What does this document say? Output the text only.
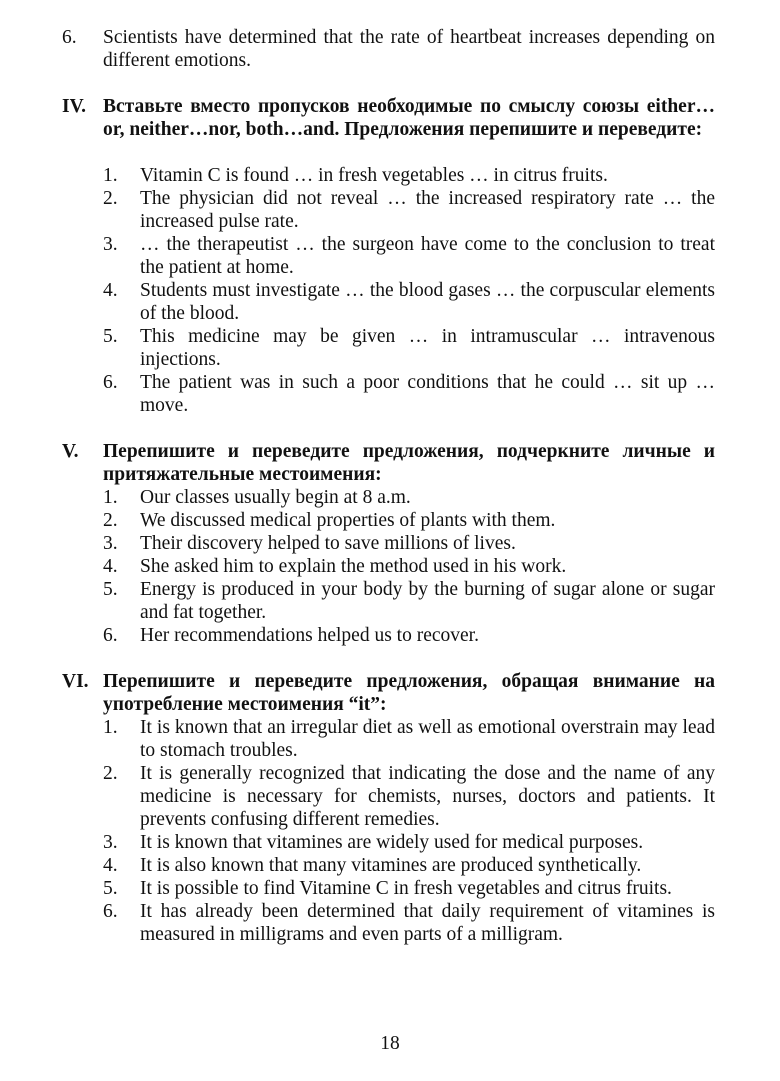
6. Scientists have determined that the rate of heartbeat increases depending on different emotions.
IV. Вставьте вместо пропусков необходимые по смыслу союзы either…or, neither…nor, both…and. Предложения перепишите и переведите:
1. Vitamin C is found … in fresh vegetables … in citrus fruits.
2. The physician did not reveal … the increased respiratory rate … the increased pulse rate.
3. … the therapeutist … the surgeon have come to the conclusion to treat the patient at home.
4. Students must investigate … the blood gases … the corpuscular elements of the blood.
5. This medicine may be given … in intramuscular … intravenous injections.
6. The patient was in such a poor conditions that he could … sit up … move.
V. Перепишите и переведите предложения, подчеркните личные и притяжательные местоимения:
1. Our classes usually begin at 8 a.m.
2. We discussed medical properties of plants with them.
3. Their discovery helped to save millions of lives.
4. She asked him to explain the method used in his work.
5. Energy is produced in your body by the burning of sugar alone or sugar and fat together.
6. Her recommendations helped us to recover.
VI. Перепишите и переведите предложения, обращая внимание на употребление местоимения “it”:
1. It is known that an irregular diet as well as emotional overstrain may lead to stomach troubles.
2. It is generally recognized that indicating the dose and the name of any medicine is necessary for chemists, nurses, doctors and patients. It prevents confusing different remedies.
3. It is known that vitamines are widely used for medical purposes.
4. It is also known that many vitamines are produced synthetically.
5. It is possible to find Vitamine C in fresh vegetables and citrus fruits.
6. It has already been determined that daily requirement of vitamines is measured in milligrams and even parts of a milligram.
18
